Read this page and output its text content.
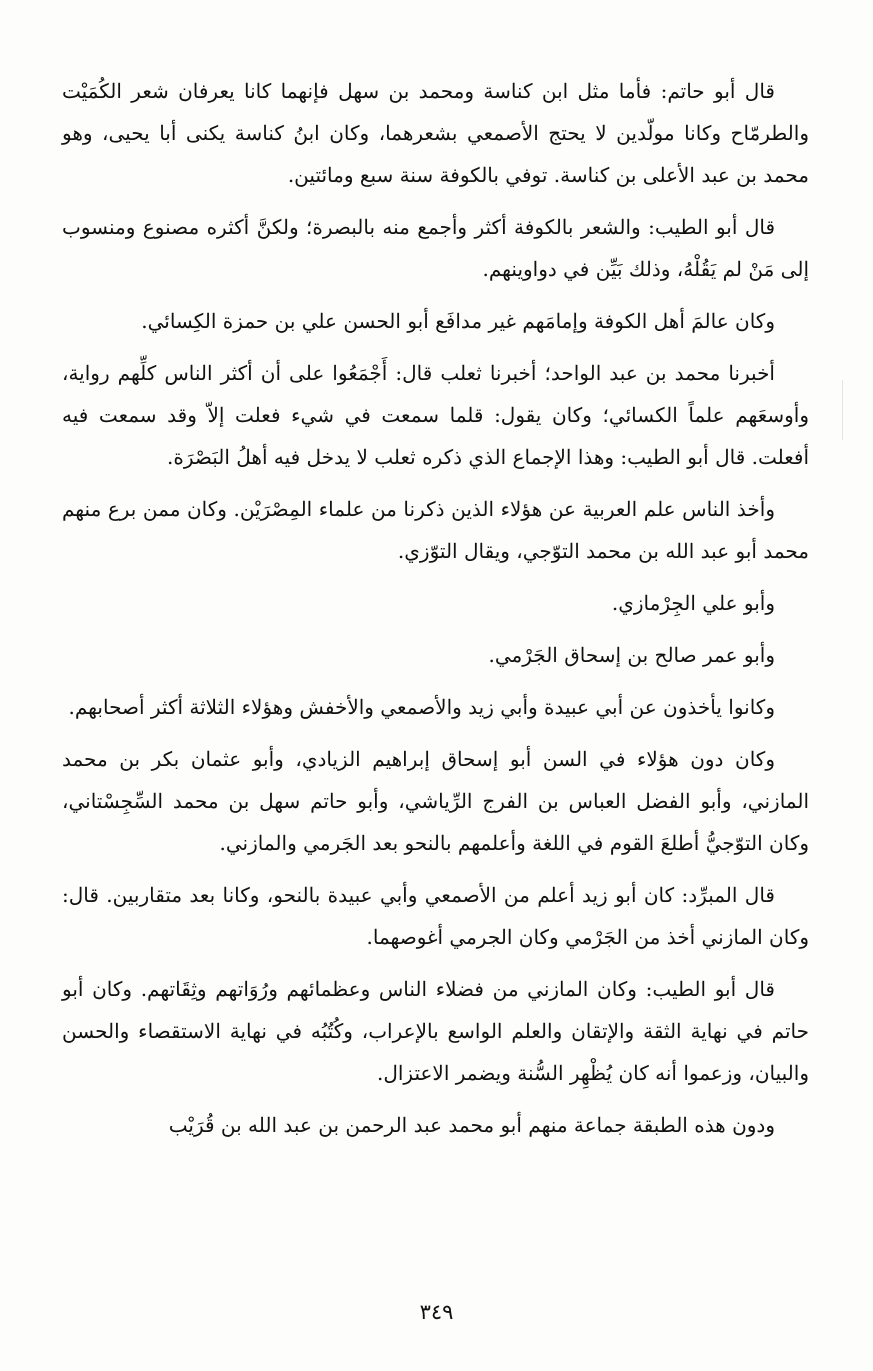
قال أبو حاتم: فأما مثل ابن كناسة ومحمد بن سهل فإنهما كانا يعرفان شعر الكُمَيْت والطرمّاح وكانا مولّدين لا يحتج الأصمعي بشعرهما، وكان ابنُ كناسة يكنى أبا يحيى، وهو محمد بن عبد الأعلى بن كناسة. توفي بالكوفة سنة سبع ومائتين.

قال أبو الطيب: والشعر بالكوفة أكثر وأجمع منه بالبصرة؛ ولكنَّ أكثره مصنوع ومنسوب إلى مَنْ لم يَقُلْهُ، وذلك بَيِّن في دواوينهم.

وكان عالمَ أهل الكوفة وإمامَهم غير مدافَع أبو الحسن علي بن حمزة الكِسائي.

أخبرنا محمد بن عبد الواحد؛ أخبرنا ثعلب قال: أَجْمَعُوا على أن أكثر الناس كلِّهم رواية، وأوسعَهم علماً الكسائي؛ وكان يقول: قلما سمعت في شيء فعلت إلاّ وقد سمعت فيه أفعلت. قال أبو الطيب: وهذا الإجماع الذي ذكره ثعلب لا يدخل فيه أهلُ البَصْرَة.

وأخذ الناس علم العربية عن هؤلاء الذين ذكرنا من علماء المِصْرَيْن. وكان ممن برع منهم محمد أبو عبد الله بن محمد التوّجي، ويقال التوّزي.

وأبو علي الجِرْمازي.

وأبو عمر صالح بن إسحاق الجَرْمي.

وكانوا يأخذون عن أبي عبيدة وأبي زيد والأصمعي والأخفش وهؤلاء الثلاثة أكثر أصحابهم.

وكان دون هؤلاء في السن أبو إسحاق إبراهيم الزيادي، وأبو عثمان بكر بن محمد المازني، وأبو الفضل العباس بن الفرج الرِّياشي، وأبو حاتم سهل بن محمد السِّجِسْتاني، وكان التوّجيُّ أطلعَ القوم في اللغة وأعلمهم بالنحو بعد الجَرمي والمازني.

قال المبرِّد: كان أبو زيد أعلم من الأصمعي وأبي عبيدة بالنحو، وكانا بعد متقاربين. قال: وكان المازني أخذ من الجَرْمي وكان الجرمي أغوصهما.

قال أبو الطيب: وكان المازني من فضلاء الناس وعظمائهم ورُوَاتهم وثِقَاتهم. وكان أبو حاتم في نهاية الثقة والإتقان والعلم الواسع بالإعراب، وكُتُبُه في نهاية الاستقصاء والحسن والبيان، وزعموا أنه كان يُظْهِر السُّنة ويضمر الاعتزال.

ودون هذه الطبقة جماعة منهم أبو محمد عبد الرحمن بن عبد الله بن قُرَيْب

٣٤٩
